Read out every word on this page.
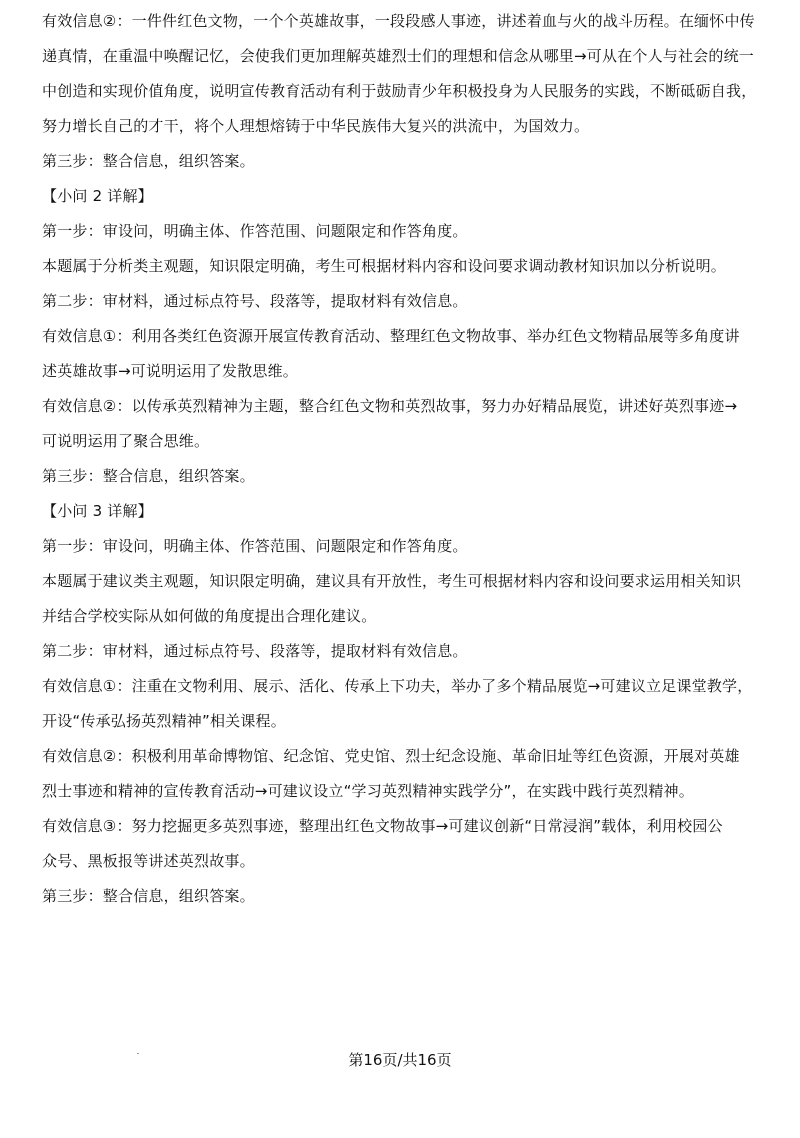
有效信息②：一件件红色文物，一个个英雄故事，一段段感人事迹，讲述着血与火的战斗历程。在缅怀中传
递真情，在重温中唤醒记忆，会使我们更加理解英雄烈士们的理想和信念从哪里→可从在个人与社会的统一
中创造和实现价值角度，说明宣传教育活动有利于鼓励青少年积极投身为人民服务的实践，不断砥砺自我，
努力增长自己的才干，将个人理想熔铸于中华民族伟大复兴的洪流中，为国效力。
第三步：整合信息，组织答案。
【小问 2 详解】
第一步：审设问，明确主体、作答范围、问题限定和作答角度。
本题属于分析类主观题，知识限定明确，考生可根据材料内容和设问要求调动教材知识加以分析说明。
第二步：审材料，通过标点符号、段落等，提取材料有效信息。
有效信息①：利用各类红色资源开展宣传教育活动、整理红色文物故事、举办红色文物精品展等多角度讲
述英雄故事→可说明运用了发散思维。
有效信息②：以传承英烈精神为主题，整合红色文物和英烈故事，努力办好精品展览，讲述好英烈事迹→
可说明运用了聚合思维。
第三步：整合信息，组织答案。
【小问 3 详解】
第一步：审设问，明确主体、作答范围、问题限定和作答角度。
本题属于建议类主观题，知识限定明确，建议具有开放性，考生可根据材料内容和设问要求运用相关知识
并结合学校实际从如何做的角度提出合理化建议。
第二步：审材料，通过标点符号、段落等，提取材料有效信息。
有效信息①：注重在文物利用、展示、活化、传承上下功夫，举办了多个精品展览→可建议立足课堂教学，
开设“传承弘扬英烈精神”相关课程。
有效信息②：积极利用革命博物馆、纪念馆、党史馆、烈士纪念设施、革命旧址等红色资源，开展对英雄
烈士事迹和精神的宣传教育活动→可建议设立“学习英烈精神实践学分”，在实践中践行英烈精神。
有效信息③：努力挖掘更多英烈事迹，整理出红色文物故事→可建议创新“日常浸润”载体，利用校园公
众号、黑板报等讲述英烈故事。
第三步：整合信息，组织答案。
第16页/共16页
